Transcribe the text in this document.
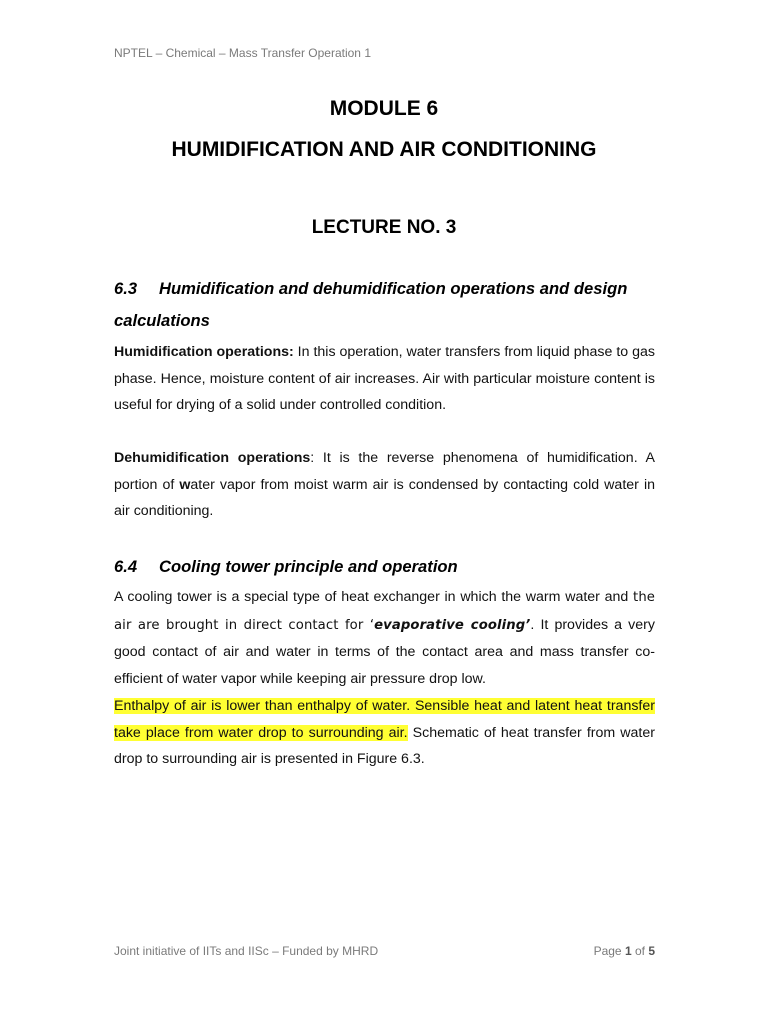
NPTEL – Chemical – Mass Transfer Operation 1
MODULE 6
HUMIDIFICATION AND AIR CONDITIONING
LECTURE NO. 3
6.3 Humidification and dehumidification operations and design
calculations

Humidification operations: In this operation, water transfers from liquid phase to gas phase. Hence, moisture content of air increases. Air with particular moisture content is useful for drying of a solid under controlled condition.

Dehumidification operations: It is the reverse phenomena of humidification. A portion of water vapor from moist warm air is condensed by contacting cold water in air conditioning.

6.4 Cooling tower principle and operation

A cooling tower is a special type of heat exchanger in which the warm water and the air are brought in direct contact for ‘evaporative cooling’. It provides a very good contact of air and water in terms of the contact area and mass transfer co-efficient of water vapor while keeping air pressure drop low.
Enthalpy of air is lower than enthalpy of water. Sensible heat and latent heat transfer take place from water drop to surrounding air. Schematic of heat transfer from water drop to surrounding air is presented in Figure 6.3.

Joint initiative of IITs and IISc – Funded by MHRD	Page 1 of 5
